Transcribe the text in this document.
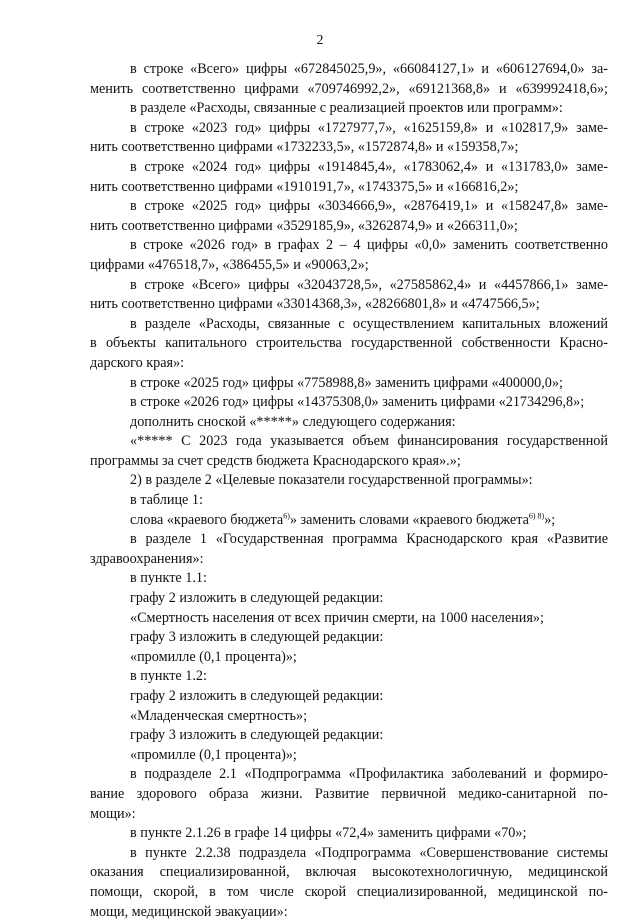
2
в строке «Всего» цифры «672845025,9», «66084127,1» и «606127694,0» за-
менить соответственно цифрами «709746992,2», «69121368,8» и «639992418,6»;
в разделе «Расходы, связанные с реализацией проектов или программ»:
в строке «2023 год» цифры «1727977,7», «1625159,8» и «102817,9» заме-
нить соответственно цифрами «1732233,5», «1572874,8» и «159358,7»;
в строке «2024 год» цифры «1914845,4», «1783062,4» и «131783,0» заме-
нить соответственно цифрами «1910191,7», «1743375,5» и «166816,2»;
в строке «2025 год» цифры «3034666,9», «2876419,1» и «158247,8» заме-
нить соответственно цифрами «3529185,9», «3262874,9» и «266311,0»;
в строке «2026 год» в графах 2 – 4 цифры «0,0» заменить соответственно
цифрами «476518,7», «386455,5» и «90063,2»;
в строке «Всего» цифры «32043728,5», «27585862,4» и «4457866,1» заме-
нить соответственно цифрами «33014368,3», «28266801,8» и «4747566,5»;
в разделе «Расходы, связанные с осуществлением капитальных вложений
в объекты капитального строительства государственной собственности Красно-
дарского края»:
в строке «2025 год» цифры «7758988,8» заменить цифрами «400000,0»;
в строке «2026 год» цифры «14375308,0» заменить цифрами «21734296,8»;
дополнить сноской «*****» следующего содержания:
«***** С 2023 года указывается объем финансирования государственной
программы за счет средств бюджета Краснодарского края».»;
2) в разделе 2 «Целевые показатели государственной программы»:
в таблице 1:
слова «краевого бюджета$^{6)}$» заменить словами «краевого бюджета$^{6) 8)}$»;
в разделе 1 «Государственная программа Краснодарского края «Развитие
здравоохранения»:
в пункте 1.1:
графу 2 изложить в следующей редакции:
«Смертность населения от всех причин смерти, на 1000 населения»;
графу 3 изложить в следующей редакции:
«промилле (0,1 процента)»;
в пункте 1.2:
графу 2 изложить в следующей редакции:
«Младенческая смертность»;
графу 3 изложить в следующей редакции:
«промилле (0,1 процента)»;
в подразделе 2.1 «Подпрограмма «Профилактика заболеваний и формиро-
вание здорового образа жизни. Развитие первичной медико-санитарной по-
мощи»:
в пункте 2.1.26 в графе 14 цифры «72,4» заменить цифрами «70»;
в пункте 2.2.38 подраздела «Подпрограмма «Совершенствование системы
оказания специализированной, включая высокотехнологичную, медицинской
помощи, скорой, в том числе скорой специализированной, медицинской по-
мощи, медицинской эвакуации»:
